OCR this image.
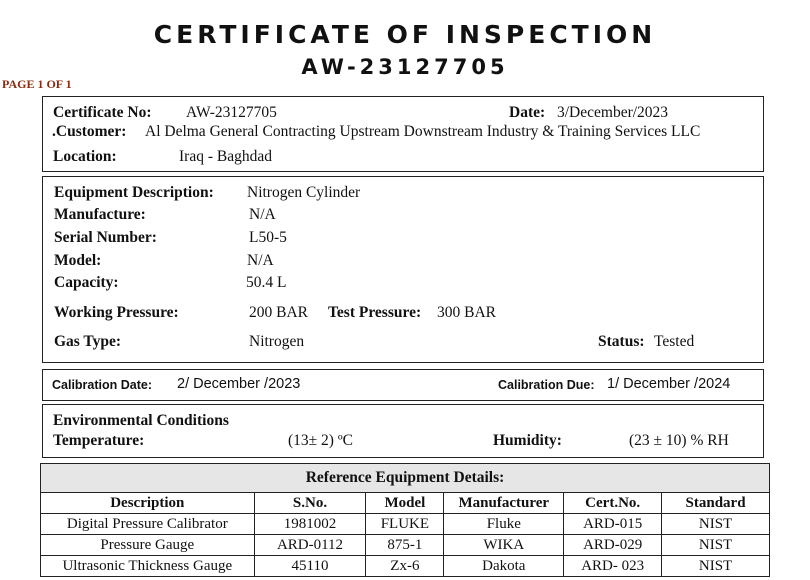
CERTIFICATE OF INSPECTION
AW-23127705
PAGE 1 OF 1
Certificate No: AW-23127705	Date: 3/December/2023
.Customer: Al Delma General Contracting Upstream Downstream Industry & Training Services LLC
Location:	Iraq - Baghdad
Equipment Description: Nitrogen Cylinder
Manufacture:	N/A
Serial Number:	L50-5
Model:	N/A
Capacity:	50.4 L
Working Pressure:	200 BAR Test Pressure: 300 BAR
Gas Type:	Nitrogen	Status: Tested
Calibration Date: 2/ December /2023	Calibration Due: 1/ December /2024
Environmental Conditions
Temperature:	(13± 2) ºC	Humidity:	(23 ± 10) % RH
Reference Equipment Details:					
Description	S.No.	Model	Manufacturer	Cert.No.	Standard
Digital Pressure Calibrator	1981002	FLUKE	Fluke	ARD-015	NIST
Pressure Gauge	ARD-0112	875-1	WIKA	ARD-029	NIST
Ultrasonic Thickness Gauge	45110	Zx-6	Dakota	ARD- 023	NIST
